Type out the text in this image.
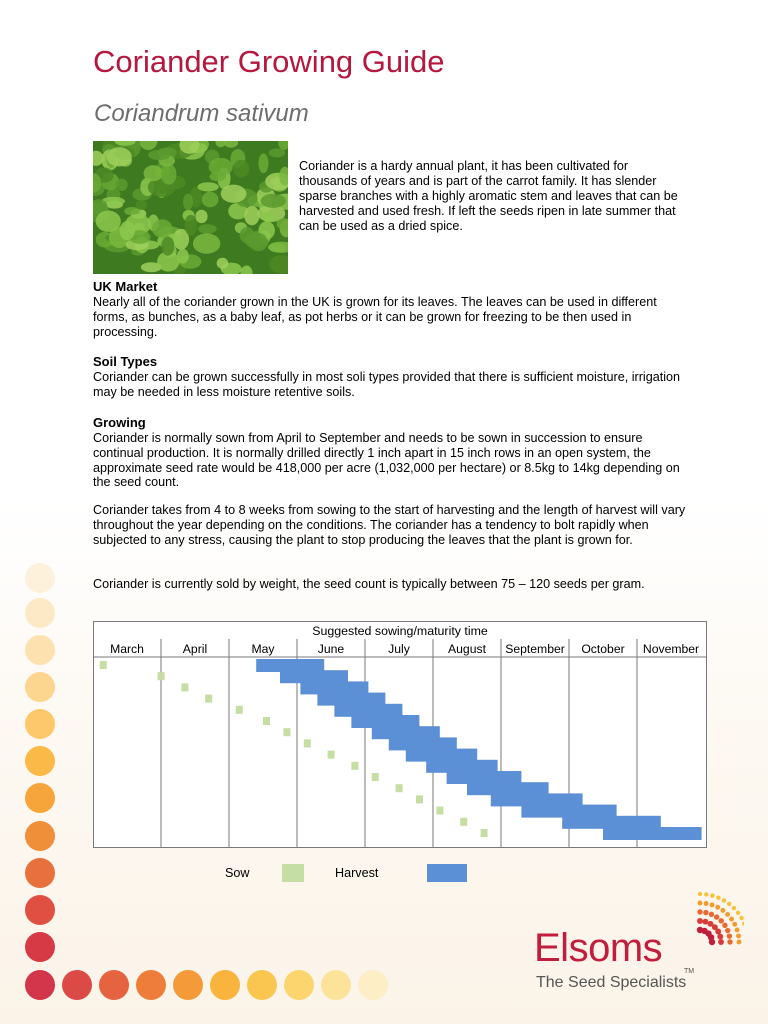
Coriander Growing Guide
Coriandrum sativum

Coriander is a hardy annual plant, it has been cultivated for thousands of years and is part of the carrot family. It has slender sparse branches with a highly aromatic stem and leaves that can be harvested and used fresh. If left the seeds ripen in late summer that can be used as a dried spice.

UK Market

Nearly all of the coriander grown in the UK is grown for its leaves. The leaves can be used in different forms, as bunches, as a baby leaf, as pot herbs or it can be grown for freezing to be then used in processing.

Soil Types

Coriander can be grown successfully in most soli types provided that there is sufficient moisture, irrigation may be needed in less moisture retentive soils.

Growing

Coriander is normally sown from April to September and needs to be sown in succession to ensure continual production. It is normally drilled directly 1 inch apart in 15 inch rows in an open system, the approximate seed rate would be 418,000 per acre (1,032,000 per hectare) or 8.5kg to 14kg depending on the seed count.

Coriander takes from 4 to 8 weeks from sowing to the start of harvesting and the length of harvest will vary throughout the year depending on the conditions. The coriander has a tendency to bolt rapidly when subjected to any stress, causing the plant to stop producing the leaves that the plant is grown for.

Coriander is currently sold by weight, the seed count is typically between 75 – 120 seeds per gram.

Suggested sowing/maturity time
March	April	May	June	July	August September October November
Sow	Harvest

Elsoms

TM

The Seed Specialists
